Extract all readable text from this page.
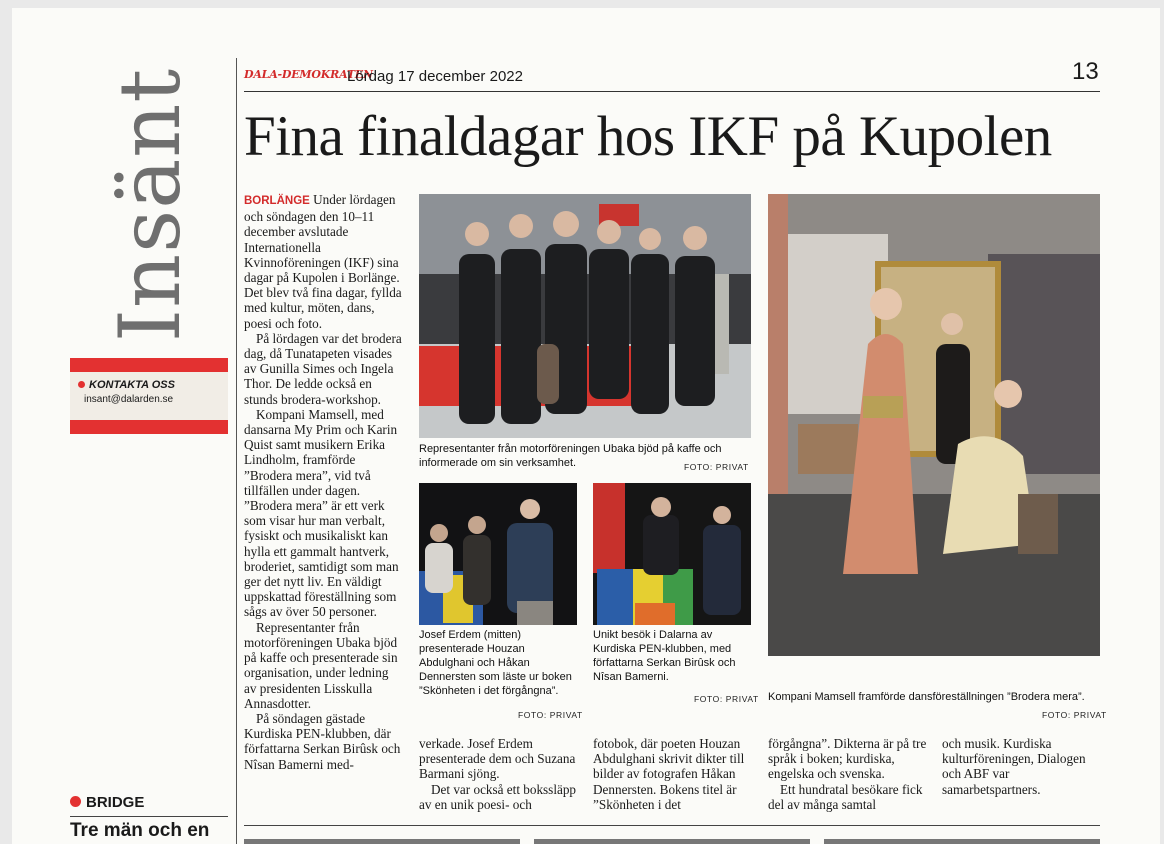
Insänt
KONTAKTA OSS
insant@dalarden.se
BRIDGE
Tre män och en
DALA-DEMOKRATEN
Lördag 17 december 2022	13
Fina finaldagar hos IKF på Kupolen

BORLÄNGE Under lördagen och söndagen den 10–11 december avslutade Internationella Kvinnoföreningen (IKF) sina dagar på Kupolen i Borlänge. Det blev två fina dagar, fyllda med kultur, möten, dans, poesi och foto.

På lördagen var det brodera dag, då Tunatapeten visades av Gunilla Simes och Ingela Thor. De ledde också en stunds brodera-workshop.

Kompani Mamsell, med dansarna My Prim och Karin Quist samt musikern Erika Lindholm, framförde ”Brodera mera”, vid två tillfällen under dagen. ”Brodera mera” är ett verk som visar hur man verbalt, fysiskt och musikaliskt kan hylla ett gammalt hantverk, broderiet, samtidigt som man ger det nytt liv. En väldigt uppskattad föreställning som sågs av över 50 personer.

Representanter från motorföreningen Ubaka bjöd på kaffe och presenterade sin organisation, under ledning av presidenten Lisskulla Annasdotter.

På söndagen gästade Kurdiska PEN-klubben, där författarna Serkan Birûsk och Nîsan Bamerni med-

verkade. Josef Erdem presenterade dem och Suzana Barmani sjöng.

Det var också ett bokssläpp av en unik poesi- och

fotobok, där poeten Houzan Abdulghani skrivit dikter till bilder av fotografen Håkan Dennersten. Bokens titel är ”Skönheten i det

förgångna”. Dikterna är på tre språk i boken; kurdiska, engelska och svenska.

Ett hundratal besökare fick del av många samtal

och musik. Kurdiska kulturföreningen, Dialogen och ABF var samarbetspartners.

Representanter från motorföreningen Ubaka bjöd på kaffe och informerade om sin verksamhet.	FOTO: PRIVAT
Josef Erdem (mitten) presenterade Houzan Abdulghani och Håkan Dennersten som läste ur boken ”Skönheten i det förgångna”.
FOTO: PRIVAT
Unikt besök i Dalarna av Kurdiska PEN-klubben, med författarna Serkan Birûsk och Nîsan Bamerni.
FOTO: PRIVAT Kompani Mamsell framförde dansföreställningen ”Brodera mera”.
FOTO: PRIVAT
